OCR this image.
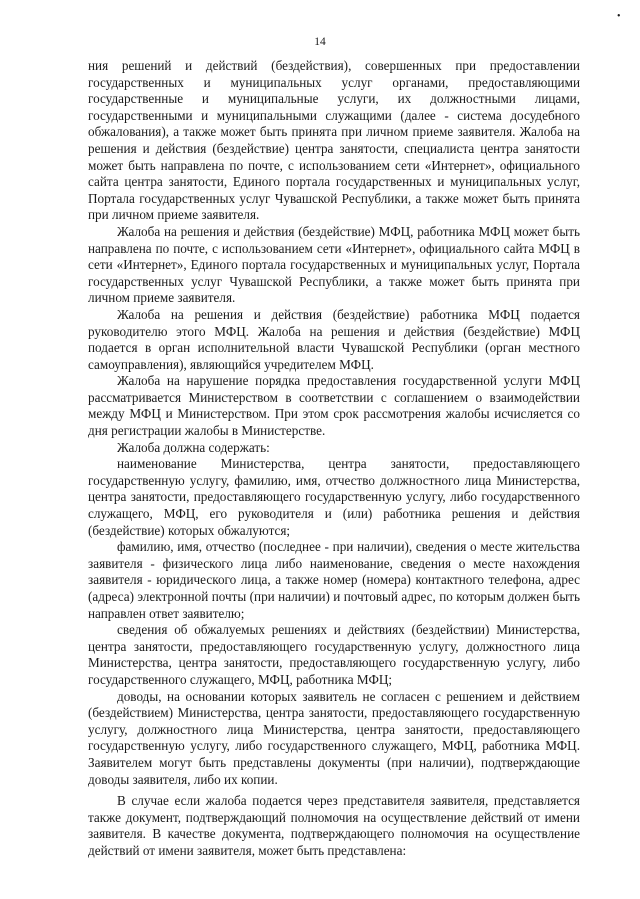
•
14

ния решений и действий (бездействия), совершенных при предоставлении государственных и муниципальных услуг органами, предоставляющими государственные и муниципальные услуги, их должностными лицами, государственными и муниципальными служащими (далее - система досудебного обжалования), а также может быть принята при личном приеме заявителя. Жалоба на решения и действия (бездействие) центра занятости, специалиста центра занятости может быть направлена по почте, с использованием сети «Интернет», официального сайта центра занятости, Единого портала государственных и муниципальных услуг, Портала государственных услуг Чувашской Республики, а также может быть принята при личном приеме заявителя.

Жалоба на решения и действия (бездействие) МФЦ, работника МФЦ может быть направлена по почте, с использованием сети «Интернет», официального сайта МФЦ в сети «Интернет», Единого портала государственных и муниципальных услуг, Портала государственных услуг Чувашской Республики, а также может быть принята при личном приеме заявителя.

Жалоба на решения и действия (бездействие) работника МФЦ подается руководителю этого МФЦ. Жалоба на решения и действия (бездействие) МФЦ подается в орган исполнительной власти Чувашской Республики (орган местного самоуправления), являющийся учредителем МФЦ.

Жалоба на нарушение порядка предоставления государственной услуги МФЦ рассматривается Министерством в соответствии с соглашением о взаимодействии между МФЦ и Министерством. При этом срок рассмотрения жалобы исчисляется со дня регистрации жалобы в Министерстве.

Жалоба должна содержать:

наименование Министерства, центра занятости, предоставляющего государственную услугу, фамилию, имя, отчество должностного лица Министерства, центра занятости, предоставляющего государственную услугу, либо государственного служащего, МФЦ, его руководителя и (или) работника решения и действия (бездействие) которых обжалуются;

фамилию, имя, отчество (последнее - при наличии), сведения о месте жительства заявителя - физического лица либо наименование, сведения о месте нахождения заявителя - юридического лица, а также номер (номера) контактного телефона, адрес (адреса) электронной почты (при наличии) и почтовый адрес, по которым должен быть направлен ответ заявителю;

сведения об обжалуемых решениях и действиях (бездействии) Министерства, центра занятости, предоставляющего государственную услугу, должностного лица Министерства, центра занятости, предоставляющего государственную услугу, либо государственного служащего, МФЦ, работника МФЦ;

доводы, на основании которых заявитель не согласен с решением и действием (бездействием) Министерства, центра занятости, предоставляющего государственную услугу, должностного лица Министерства, центра занятости, предоставляющего государственную услугу, либо государственного служащего, МФЦ, работника МФЦ. Заявителем могут быть представлены документы (при наличии), подтверждающие доводы заявителя, либо их копии.

В случае если жалоба подается через представителя заявителя, представляется также документ, подтверждающий полномочия на осуществление действий от имени заявителя. В качестве документа, подтверждающего полномочия на осуществление действий от имени заявителя, может быть представлена:
